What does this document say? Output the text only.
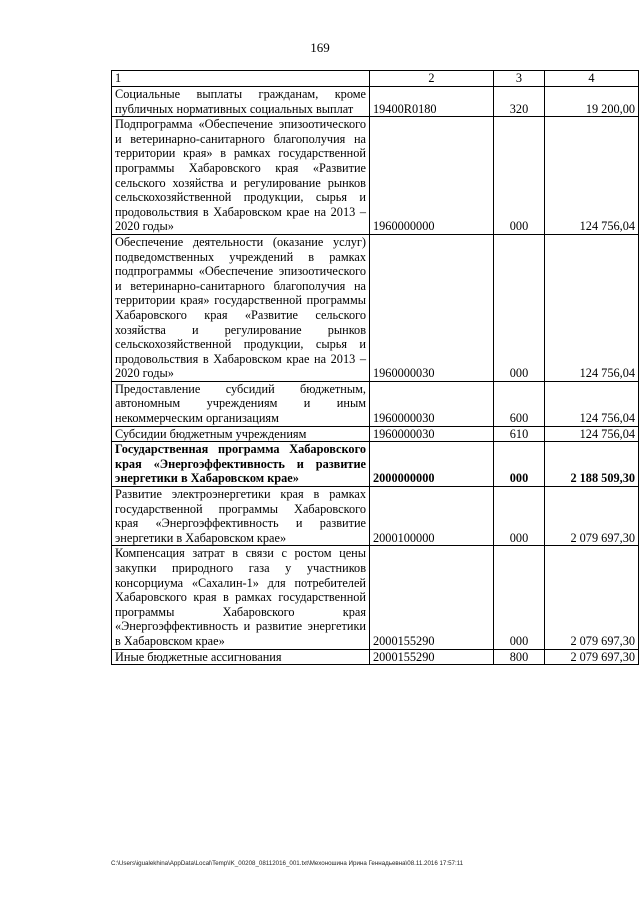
169
1	2	3	4
Социальные выплаты гражданам, кроме публичных нормативных социальных выплат	19400R0180	320	19 200,00
Подпрограмма «Обеспечение эпизоотического и ветеринарно-санитарного благополучия на территории края» в рамках государственной программы Хабаровского края «Развитие сельского хозяйства и регулирование рынков сельскохозяйственной продукции, сырья и продовольствия в Хабаровском крае на 2013 – 2020 годы»	1960000000	000	124 756,04
Обеспечение деятельности (оказание услуг) подведомственных учреждений в рамках подпрограммы «Обеспечение эпизоотического и ветеринарно-санитарного благополучия на территории края» государственной программы Хабаровского края «Развитие сельского хозяйства и регулирование рынков сельскохозяйственной продукции, сырья и продовольствия в Хабаровском крае на 2013 – 2020 годы»	1960000030	000	124 756,04
Предоставление субсидий бюджетным, автономным учреждениям и иным некоммерческим организациям	1960000030	600	124 756,04
Субсидии бюджетным учреждениям	1960000030	610	124 756,04
Государственная программа Хабаровского края «Энергоэффективность и развитие энергетики в Хабаровском крае»	2000000000	000	2 188 509,30
Развитие электроэнергетики края в рамках государственной программы Хабаровского края «Энергоэффективность и развитие энергетики в Хабаровском крае»	2000100000	000	2 079 697,30
Компенсация затрат в связи с ростом цены закупки природного газа у участников консорциума «Сахалин-1» для потребителей Хабаровского края в рамках государственной программы Хабаровского края «Энергоэффективность и развитие энергетики в Хабаровском крае»	2000155290	000	2 079 697,30
Иные бюджетные ассигнования	2000155290	800	2 079 697,30
C:\Users\igualekhina\AppData\Local\Temp\IK_00208_08112016_001.txt\Мехоношина Ирина Геннадьевна\08.11.2016 17:57:11
